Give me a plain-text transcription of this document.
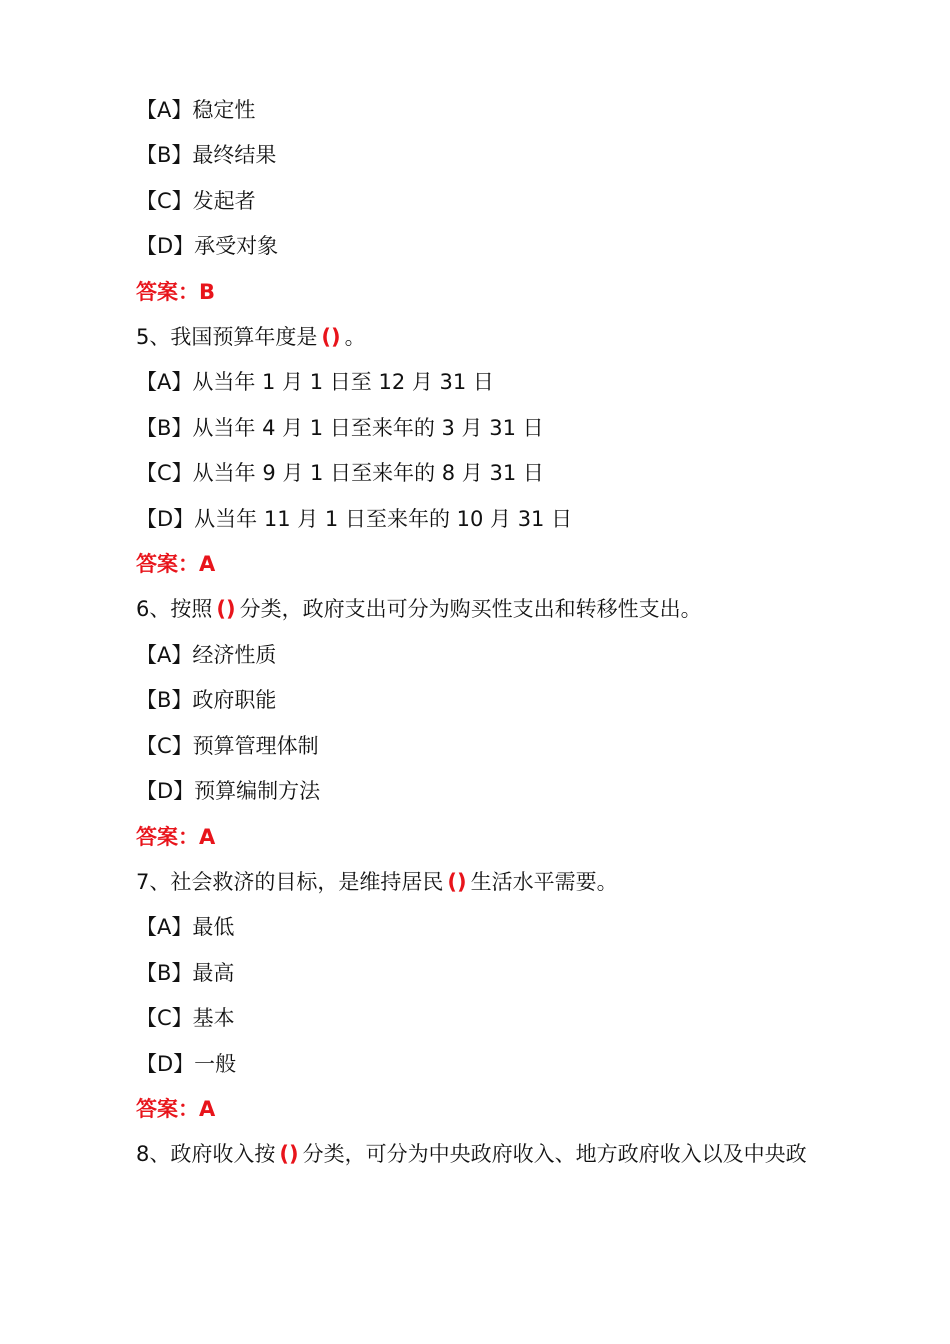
【A】稳定性
【B】最终结果
【C】发起者
【D】承受对象
答案：B
5、我国预算年度是 () 。
【A】从当年 1 月 1 日至 12 月 31 日
【B】从当年 4 月 1 日至来年的 3 月 31 日
【C】从当年 9 月 1 日至来年的 8 月 31 日
【D】从当年 11 月 1 日至来年的 10 月 31 日
答案：A
6、按照 () 分类，政府支出可分为购买性支出和转移性支出。
【A】经济性质
【B】政府职能
【C】预算管理体制
【D】预算编制方法
答案：A
7、社会救济的目标，是维持居民 () 生活水平需要。
【A】最低
【B】最高
【C】基本
【D】一般
答案：A
8、政府收入按 () 分类，可分为中央政府收入、地方政府收入以及中央政
